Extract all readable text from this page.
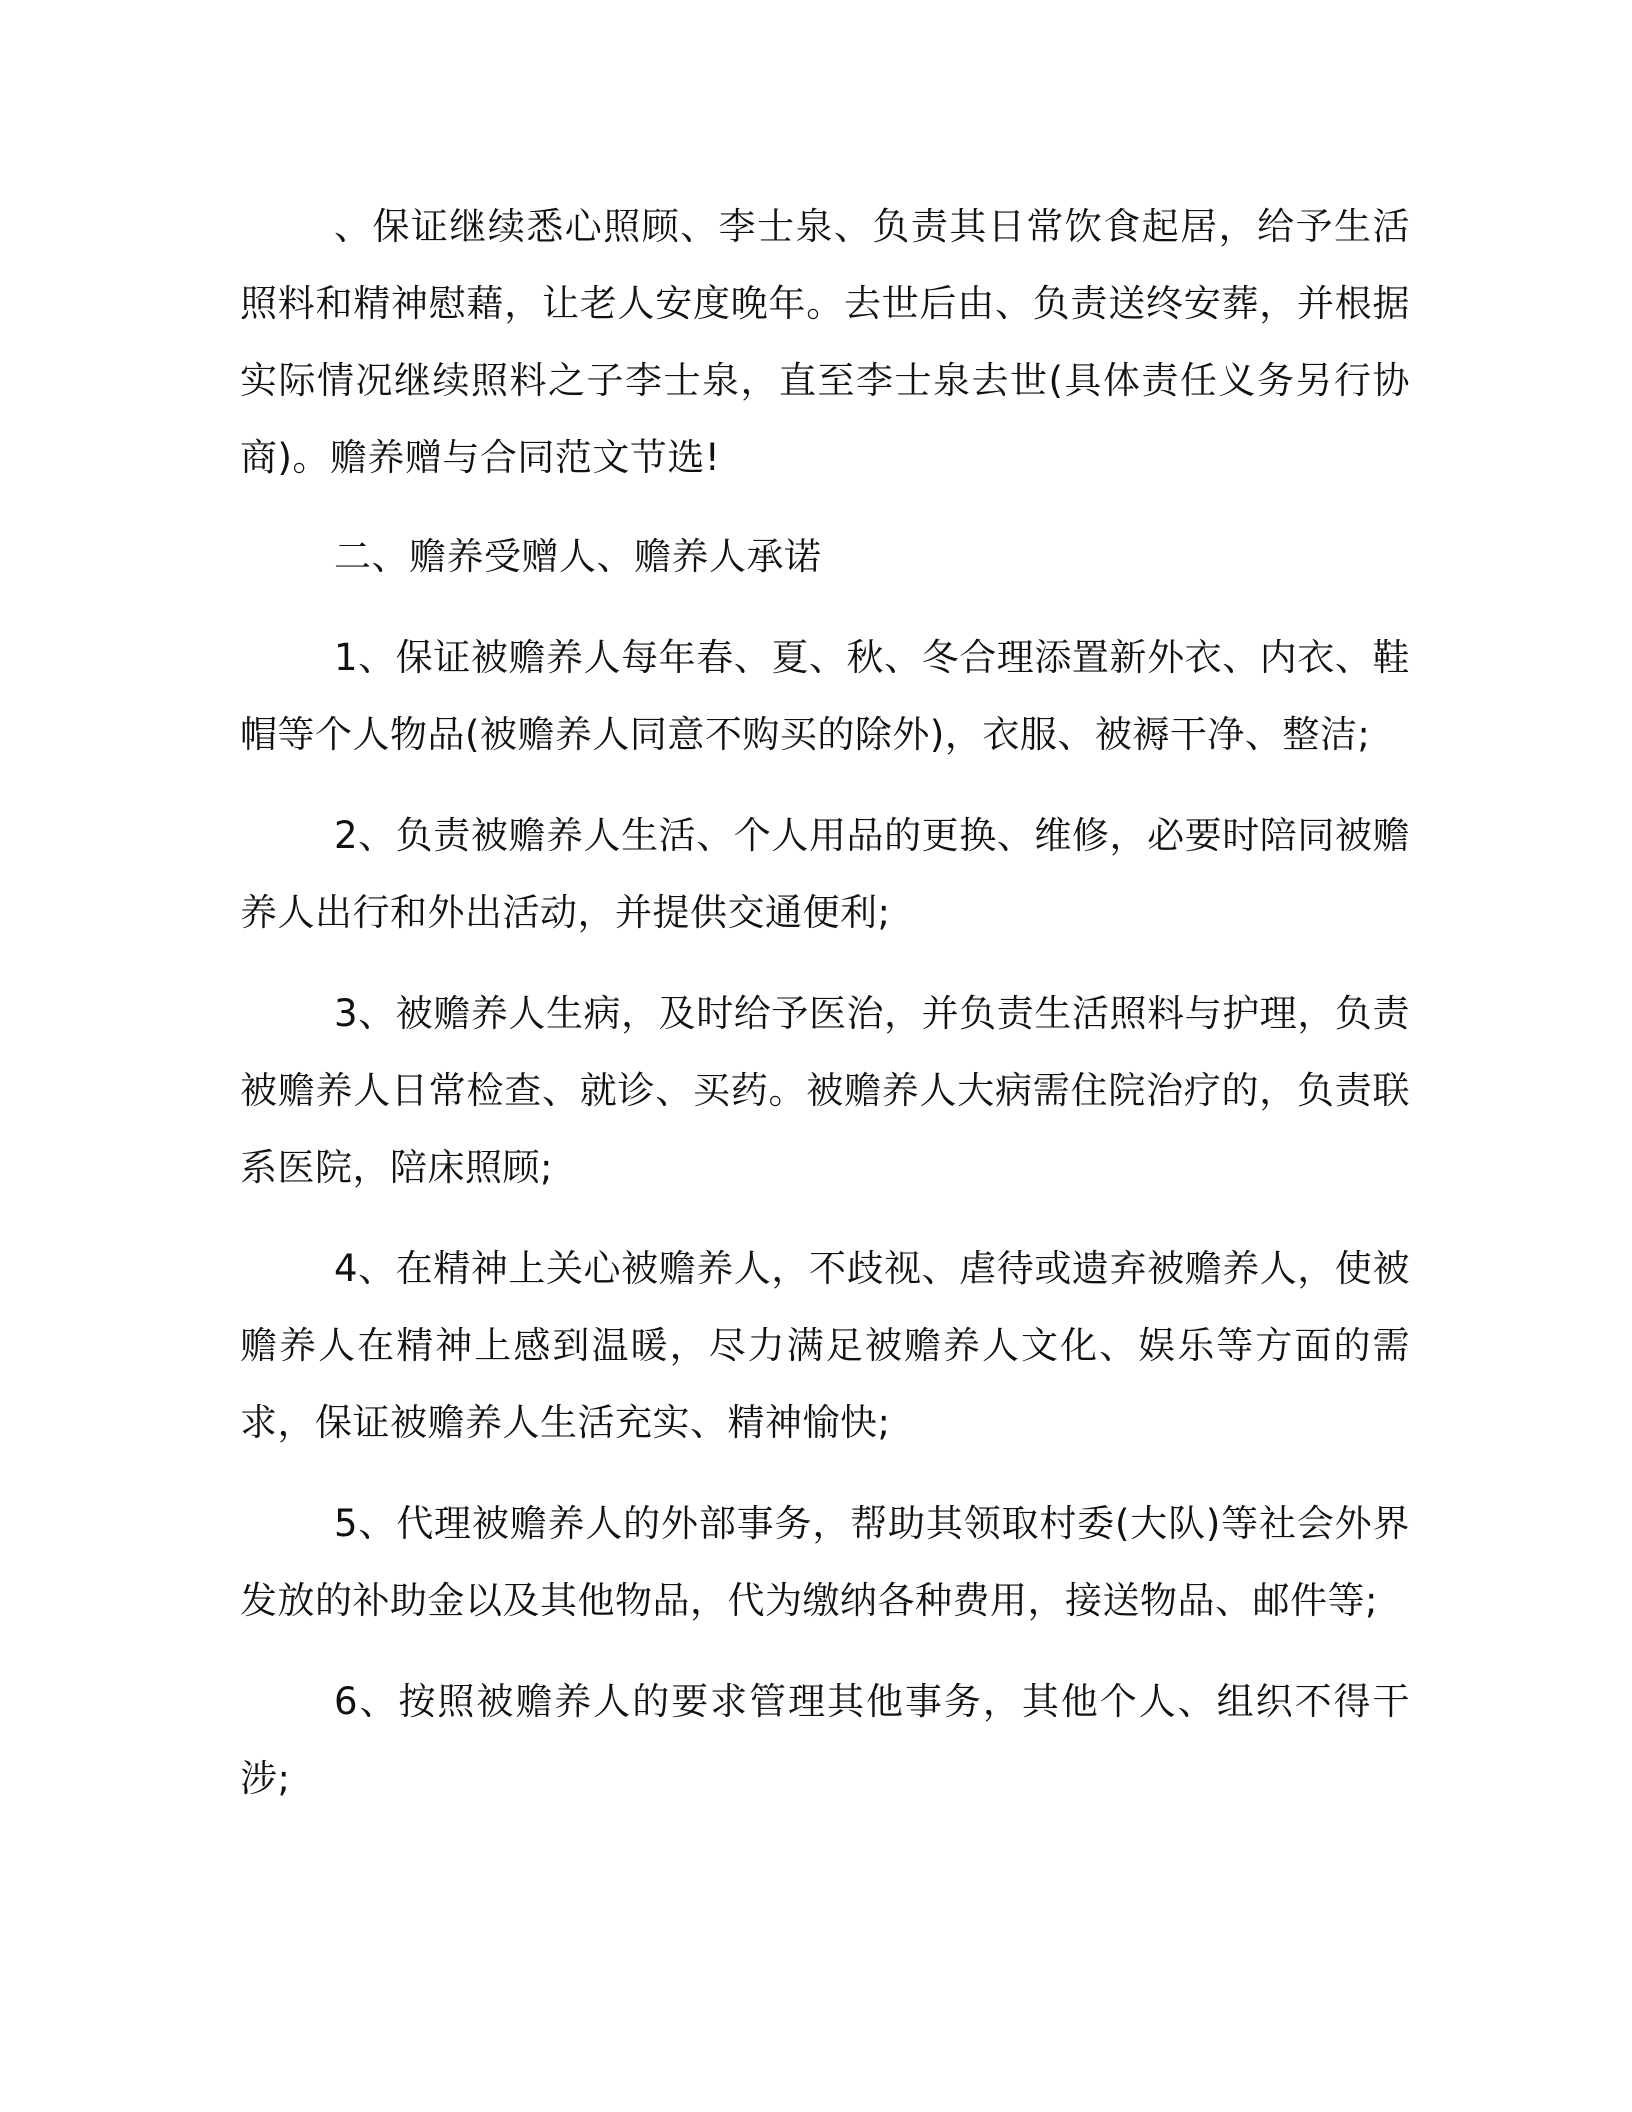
、保证继续悉心照顾、李士泉、负责其日常饮食起居，给予生活照料和精神慰藉，让老人安度晚年。去世后由、负责送终安葬，并根据实际情况继续照料之子李士泉，直至李士泉去世(具体责任义务另行协商)。赡养赠与合同范文节选!

二、赡养受赠人、赡养人承诺

1、保证被赡养人每年春、夏、秋、冬合理添置新外衣、内衣、鞋帽等个人物品(被赡养人同意不购买的除外)，衣服、被褥干净、整洁;

2、负责被赡养人生活、个人用品的更换、维修，必要时陪同被赡养人出行和外出活动，并提供交通便利;

3、被赡养人生病，及时给予医治，并负责生活照料与护理，负责被赡养人日常检查、就诊、买药。被赡养人大病需住院治疗的，负责联系医院，陪床照顾;

4、在精神上关心被赡养人，不歧视、虐待或遗弃被赡养人，使被赡养人在精神上感到温暖，尽力满足被赡养人文化、娱乐等方面的需求，保证被赡养人生活充实、精神愉快;

5、代理被赡养人的外部事务，帮助其领取村委(大队)等社会外界发放的补助金以及其他物品，代为缴纳各种费用，接送物品、邮件等;

6、按照被赡养人的要求管理其他事务，其他个人、组织不得干涉;
